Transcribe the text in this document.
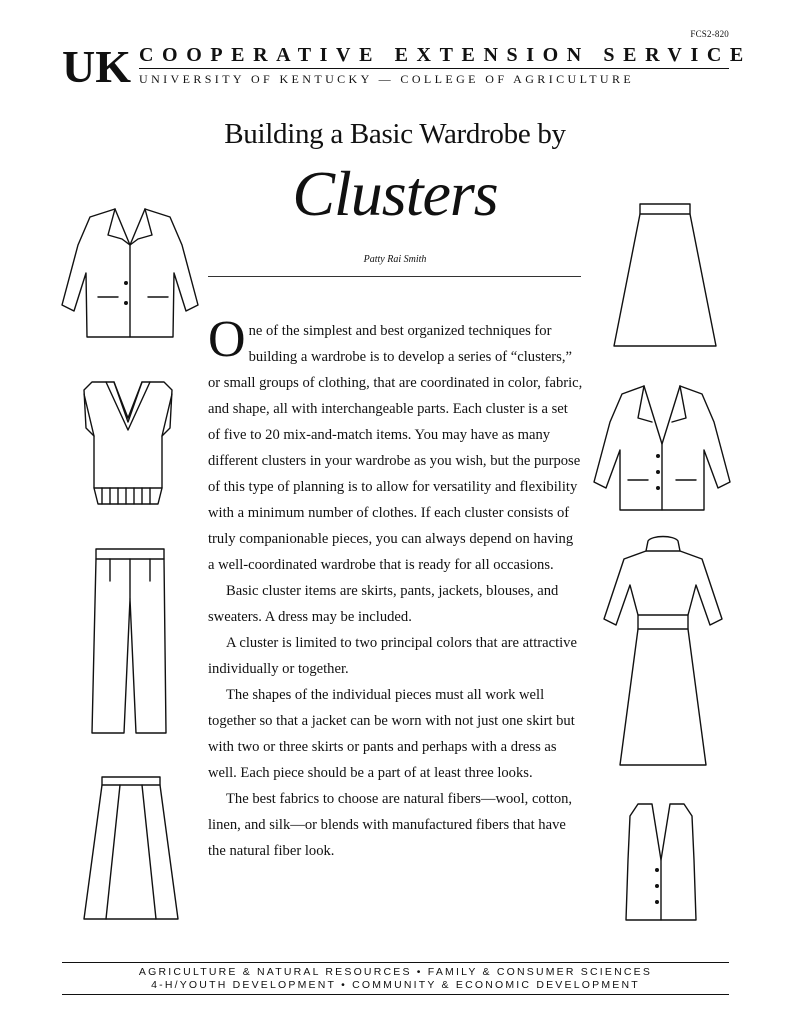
FCS2-820
UK COOPERATIVE EXTENSION SERVICE
UNIVERSITY OF KENTUCKY — COLLEGE OF AGRICULTURE
Building a Basic Wardrobe by
Clusters
Patty Rai Smith

One of the simplest and best organized techniques for building a wardrobe is to develop a series of “clusters,” or small groups of clothing, that are coordinated in color, fabric, and shape, all with interchangeable parts. Each cluster is a set of five to 20 mix-and-match items. You may have as many different clusters in your wardrobe as you wish, but the purpose of this type of planning is to allow for versatility and flexibility with a minimum number of clothes. If each cluster consists of truly companionable pieces, you can always depend on having a well-coordinated wardrobe that is ready for all occasions.

Basic cluster items are skirts, pants, jackets, blouses, and sweaters. A dress may be included.

A cluster is limited to two principal colors that are attractive individually or together.

The shapes of the individual pieces must all work well together so that a jacket can be worn with not just one skirt but with two or three skirts or pants and perhaps with a dress as well. Each piece should be a part of at least three looks.

The best fabrics to choose are natural fibers—wool, cotton, linen, and silk—or blends with manufactured fibers that have the natural fiber look.

AGRICULTURE & NATURAL RESOURCES • FAMILY & CONSUMER SCIENCES
4-H/YOUTH DEVELOPMENT • COMMUNITY & ECONOMIC DEVELOPMENT
